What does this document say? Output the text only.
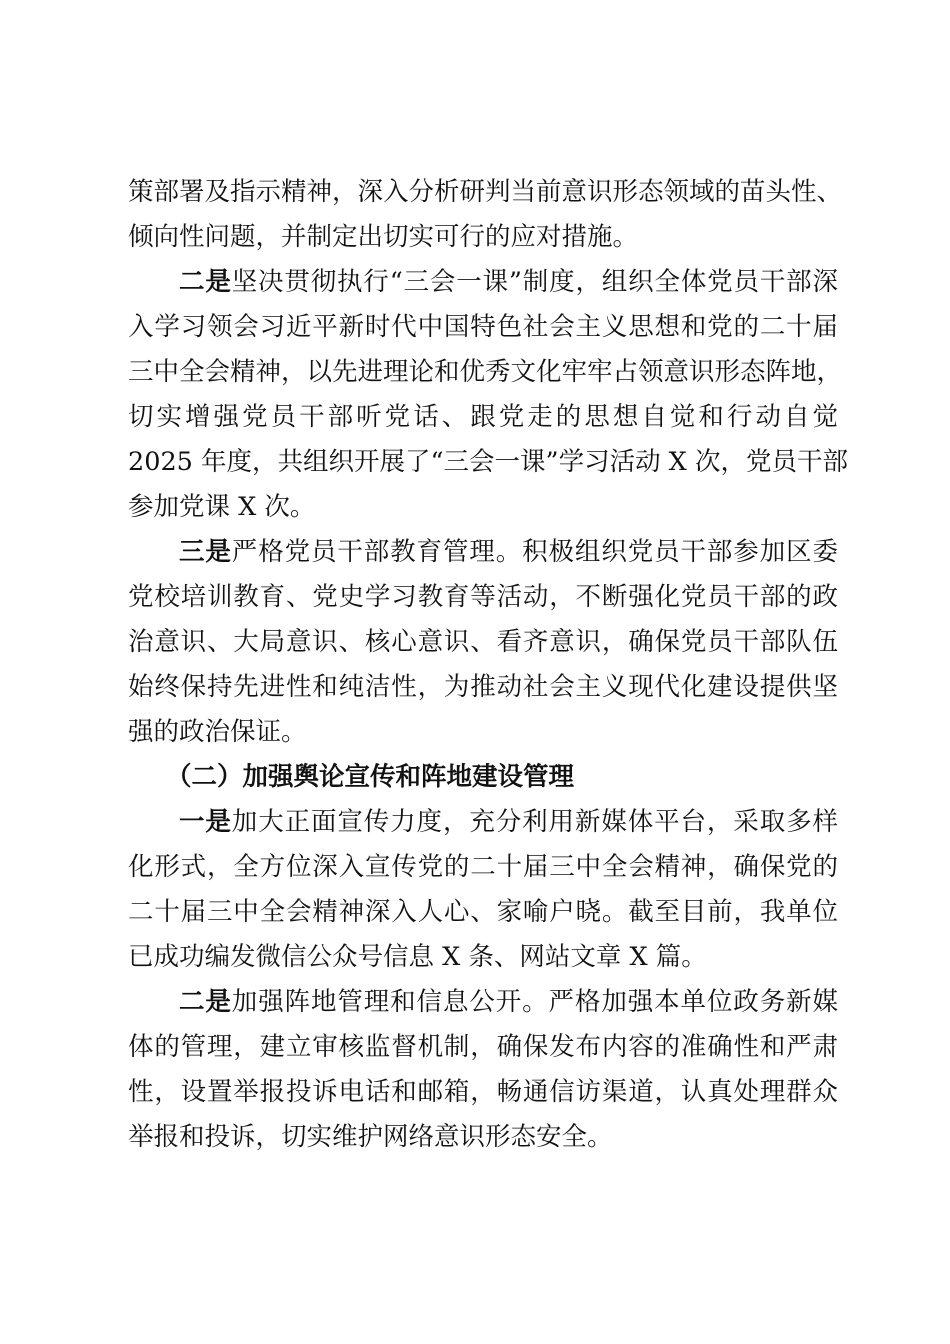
策部署及指示精神，深入分析研判当前意识形态领域的苗头性、
倾向性问题，并制定出切实可行的应对措施。
二是坚决贯彻执行“三会一课”制度，组织全体党员干部深
入学习领会习近平新时代中国特色社会主义思想和党的二十届
三中全会精神，以先进理论和优秀文化牢牢占领意识形态阵地，
切实增强党员干部听党话、跟党走的思想自觉和行动自觉
2025 年度，共组织开展了“三会一课”学习活动 X 次，党员干部
参加党课 X 次。
三是严格党员干部教育管理。积极组织党员干部参加区委
党校培训教育、党史学习教育等活动，不断强化党员干部的政
治意识、大局意识、核心意识、看齐意识，确保党员干部队伍
始终保持先进性和纯洁性，为推动社会主义现代化建设提供坚
强的政治保证。
（二）加强舆论宣传和阵地建设管理
一是加大正面宣传力度，充分利用新媒体平台，采取多样
化形式，全方位深入宣传党的二十届三中全会精神，确保党的
二十届三中全会精神深入人心、家喻户晓。截至目前，我单位
已成功编发微信公众号信息 X 条、网站文章 X 篇。
二是加强阵地管理和信息公开。严格加强本单位政务新媒
体的管理，建立审核监督机制，确保发布内容的准确性和严肃
性，设置举报投诉电话和邮箱，畅通信访渠道，认真处理群众
举报和投诉，切实维护网络意识形态安全。
